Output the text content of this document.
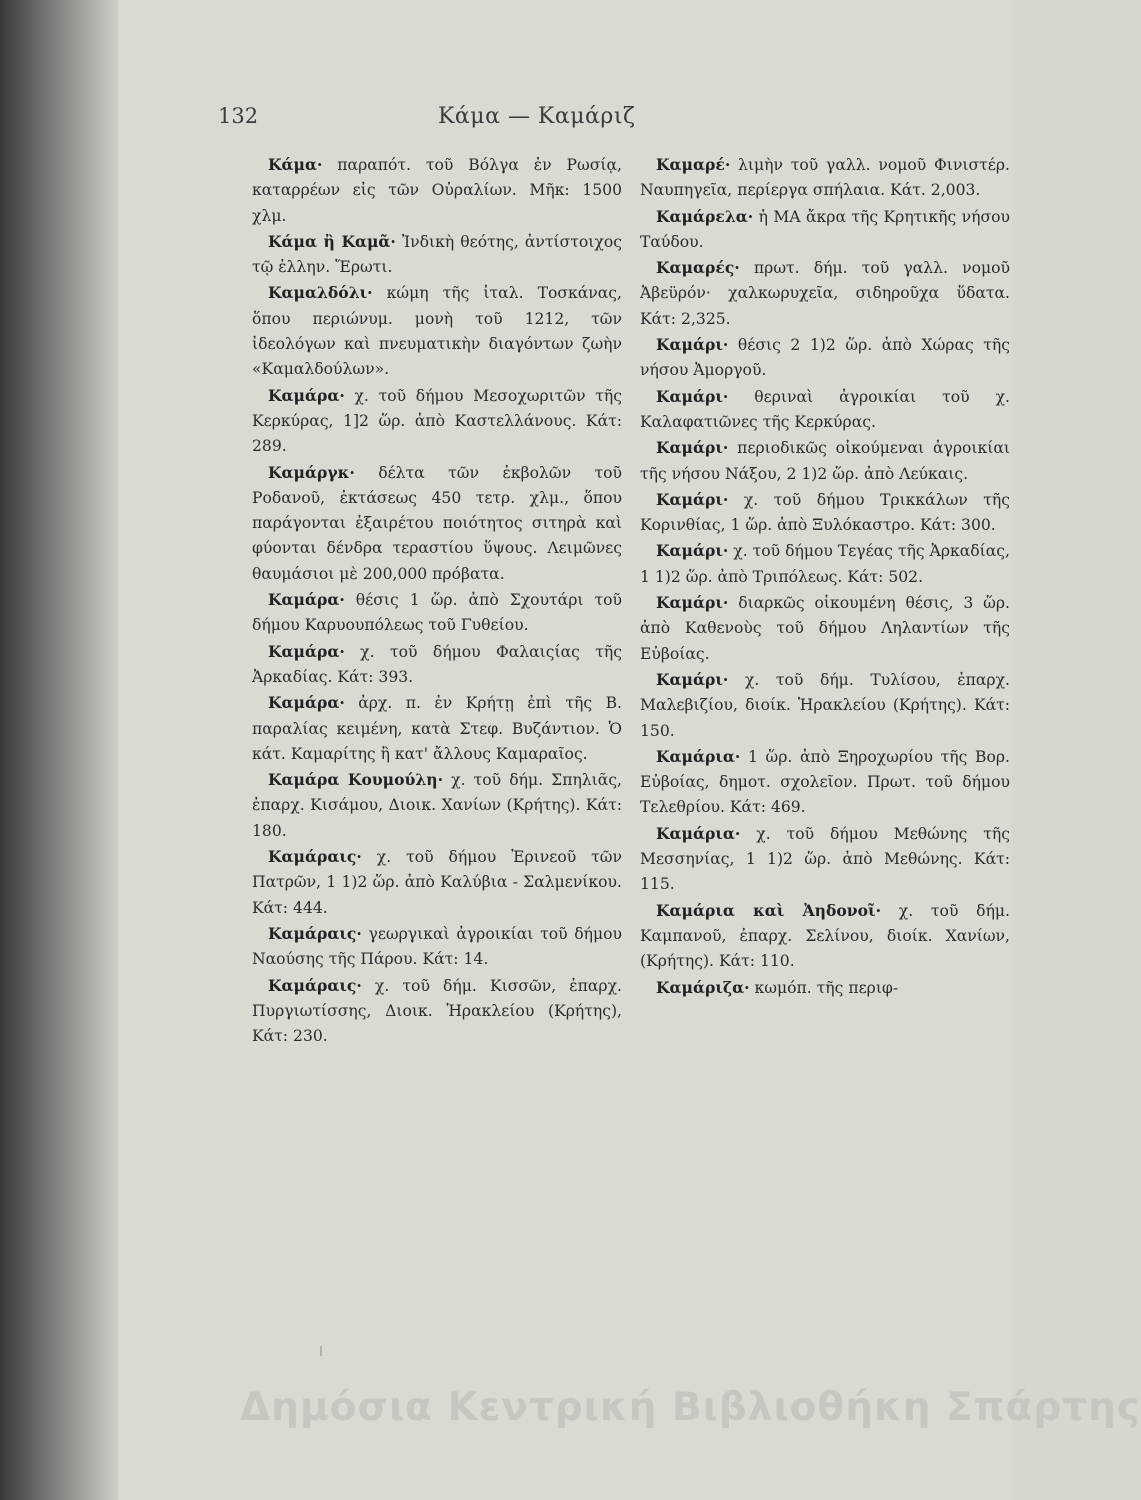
132	Κάμα — Καμάριζ

Κάμα· παραπότ. τοῦ Βόλγα ἐν Ρωσίᾳ, καταρρέων εἰς τῶν Οὐραλίων. Μῆκ: 1500 χλμ.

Κάμα ἢ Καμᾶ· Ἰνδικὴ θεότης, ἀντίστοιχος τῷ ἑλλην. Ἔρωτι.

Καμαλδόλι· κώμη τῆς ἰταλ. Τοσκάνας, ὅπου περιώνυμ. μονὴ τοῦ 1212, τῶν ἰδεολόγων καὶ πνευματικὴν διαγόντων ζωὴν «Καμαλδούλων».

Καμάρα· χ. τοῦ δήμου Μεσοχωριτῶν τῆς Κερκύρας, 1]2 ὥρ. ἀπὸ Καστελλάνους. Κάτ: 289.

Καμάργκ· δέλτα τῶν ἐκβολῶν τοῦ Ροδανοῦ, ἐκτάσεως 450 τετρ. χλμ., ὅπου παράγονται ἐξαιρέτου ποιότητος σιτηρὰ καὶ φύονται δένδρα τεραστίου ὕψους. Λειμῶνες θαυμάσιοι μὲ 200,000 πρόβατα.

Καμάρα· θέσις 1 ὥρ. ἀπὸ Σχουτάρι τοῦ δήμου Καρυουπόλεως τοῦ Γυθείου.

Καμάρα· χ. τοῦ δήμου Φαλαιςίας τῆς Ἀρκαδίας. Κάτ: 393.

Καμάρα· ἀρχ. π. ἐν Κρήτῃ ἐπὶ τῆς Β. παραλίας κειμένη, κατὰ Στεφ. Βυζάντιον. Ὁ κάτ. Καμαρίτης ἢ κατ' ἄλλους Καμαραῖος.

Καμάρα Κουμούλη· χ. τοῦ δήμ. Σπηλιᾶς, ἐπαρχ. Κισάμου, Διοικ. Χανίων (Κρήτης). Κάτ: 180.

Καμάραις· χ. τοῦ δήμου Ἐρινεοῦ τῶν Πατρῶν, 1 1)2 ὥρ. ἀπὸ Καλύβια - Σαλμενίκου. Κάτ: 444.

Καμάραις· γεωργικαὶ ἀγροικίαι τοῦ δήμου Ναούσης τῆς Πάρου. Κάτ: 14.

Καμάραις· χ. τοῦ δήμ. Κισσῶν, ἐπαρχ. Πυργιωτίσσης, Διοικ. Ἡρακλείου (Κρήτης), Κάτ: 230.

Καμαρέ· λιμὴν τοῦ γαλλ. νομοῦ Φινιστέρ. Ναυπηγεῖα, περίεργα σπήλαια. Κάτ. 2,003.

Καμάρελα· ἡ ΜΑ ἄκρα τῆς Κρητικῆς νήσου Ταύδου.

Καμαρές· πρωτ. δήμ. τοῦ γαλλ. νομοῦ Ἀβεϋρόν· χαλκωρυχεῖα, σιδηροῦχα ὕδατα. Κάτ: 2,325.

Καμάρι· θέσις 2 1)2 ὥρ. ἀπὸ Χώρας τῆς νήσου Ἀμοργοῦ.

Καμάρι· θεριναὶ ἀγροικίαι τοῦ χ. Καλαφατιῶνες τῆς Κερκύρας.

Καμάρι· περιοδικῶς οἰκούμεναι ἀγροικίαι τῆς νήσου Νάξου, 2 1)2 ὥρ. ἀπὸ Λεύκαις.

Καμάρι· χ. τοῦ δήμου Τρικκάλων τῆς Κορινθίας, 1 ὥρ. ἀπὸ Ξυλόκαστρο. Κάτ: 300.

Καμάρι· χ. τοῦ δήμου Τεγέας τῆς Ἀρκαδίας, 1 1)2 ὥρ. ἀπὸ Τριπόλεως. Κάτ: 502.

Καμάρι· διαρκῶς οἰκουμένη θέσις, 3 ὥρ. ἀπὸ Καθενοὺς τοῦ δήμου Ληλαντίων τῆς Εὐβοίας.

Καμάρι· χ. τοῦ δήμ. Τυλίσου, ἐπαρχ. Μαλεβιζίου, διοίκ. Ἡρακλείου (Κρήτης). Κάτ: 150.

Καμάρια· 1 ὥρ. ἀπὸ Ξηροχωρίου τῆς Βορ. Εὐβοίας, δημοτ. σχολεῖον. Πρωτ. τοῦ δήμου Τελεθρίου. Κάτ: 469.

Καμάρια· χ. τοῦ δήμου Μεθώνης τῆς Μεσσηνίας, 1 1)2 ὥρ. ἀπὸ Μεθώνης. Κάτ: 115.

Καμάρια καὶ Ἀηδονοῖ· χ. τοῦ δήμ. Καμπανοῦ, ἐπαρχ. Σελίνου, διοίκ. Χανίων, (Κρήτης). Κάτ: 110.

Καμάριζα· κωμόπ. τῆς περιφ-

Δημόσια Κεντρική Βιβλιοθήκη Σπάρτης
